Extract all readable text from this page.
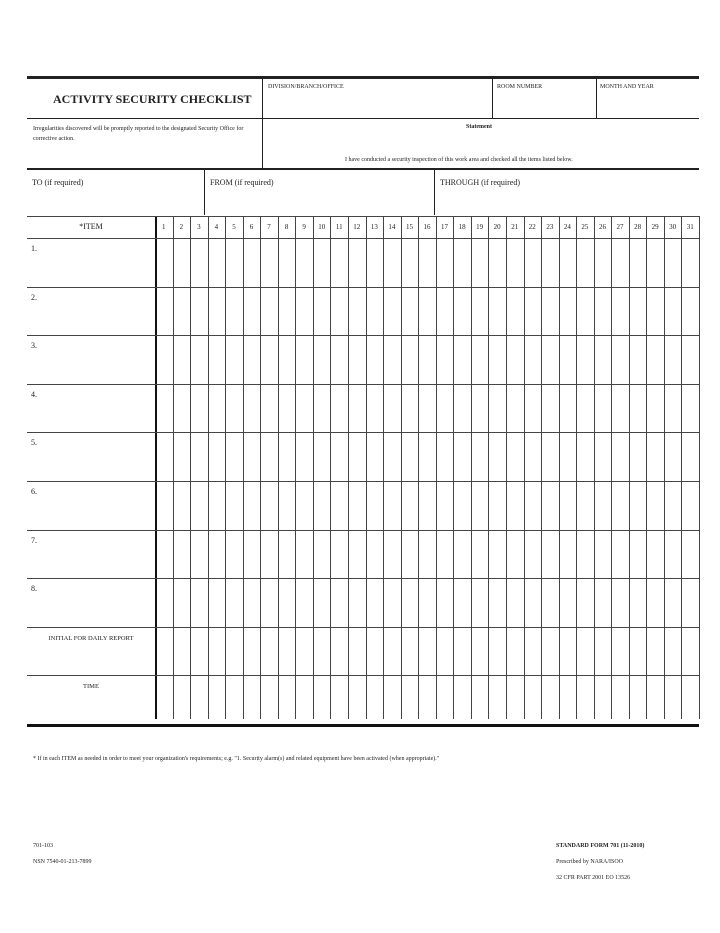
ACTIVITY SECURITY CHECKLIST
DIVISION/BRANCH/OFFICE	ROOM NUMBER	MONTH AND YEAR
Irregularities discovered will be promptly reported to the designated Security Office for corrective action.
Statement
I have conducted a security inspection of this work area and checked all the items listed below.
TO (if required)	FROM (if required)	THROUGH (if required)
*ITEM	1	2	3	4	5	6	7	8	9	10	11	12	13	14	15	16	17	18	19	20	21	22	23	24	25	26	27	28	29	30	31
1.
2.
3.
4.
5.
6.
7.
8.
INITIAL FOR DAILY REPORT
TIME
* If in each ITEM as needed in order to meet your organization's requirements; e.g. "1. Security alarm(s) and related equipment have been activated (when appropriate)."
701-103
NSN 7540-01-213-7899
STANDARD FORM 701 (11-2010)
Prescribed by NARA/ISOO
32 CFR PART 2001 EO 13526
